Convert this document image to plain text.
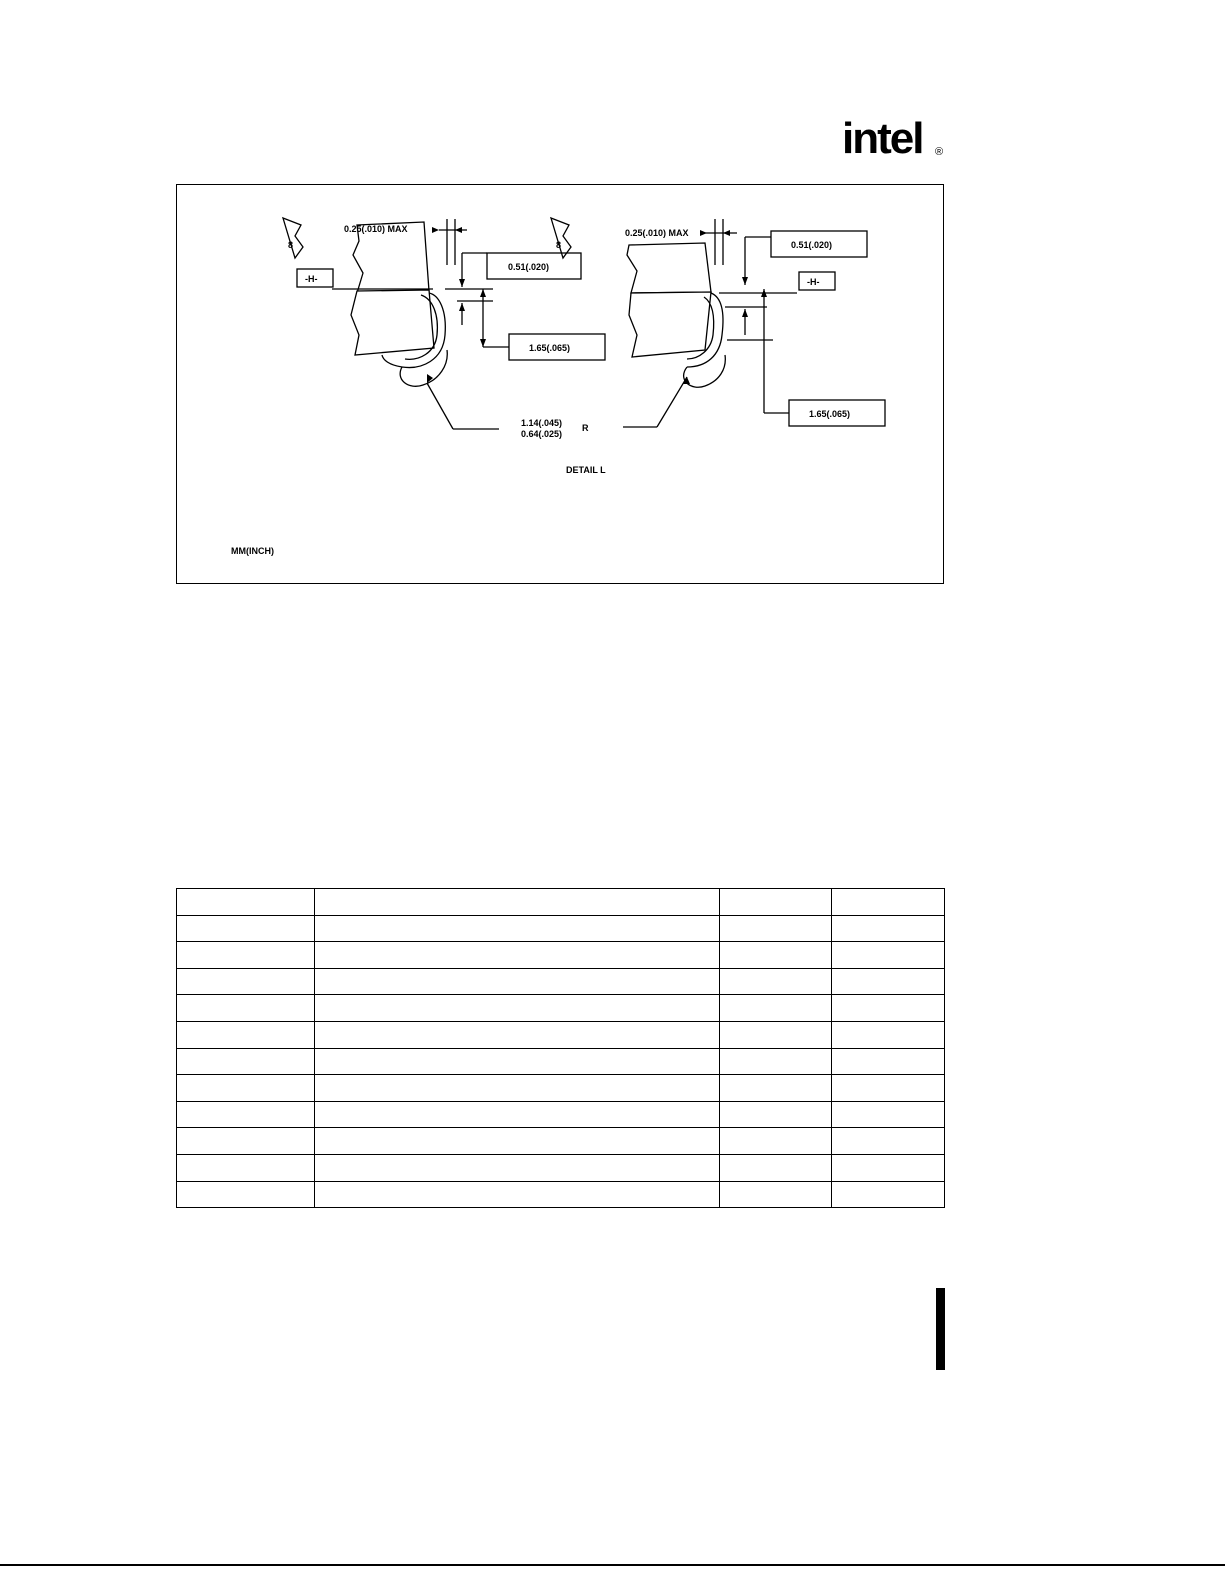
intel ®
8
0.25(.010) MAX
-H-
0.51(.020)
1.65(.065)
8
0.25(.010) MAX
-H-
0.51(.020)
1.65(.065)
1.14(.045)
0.64(.025)
R
DETAIL L
MM(INCH)
